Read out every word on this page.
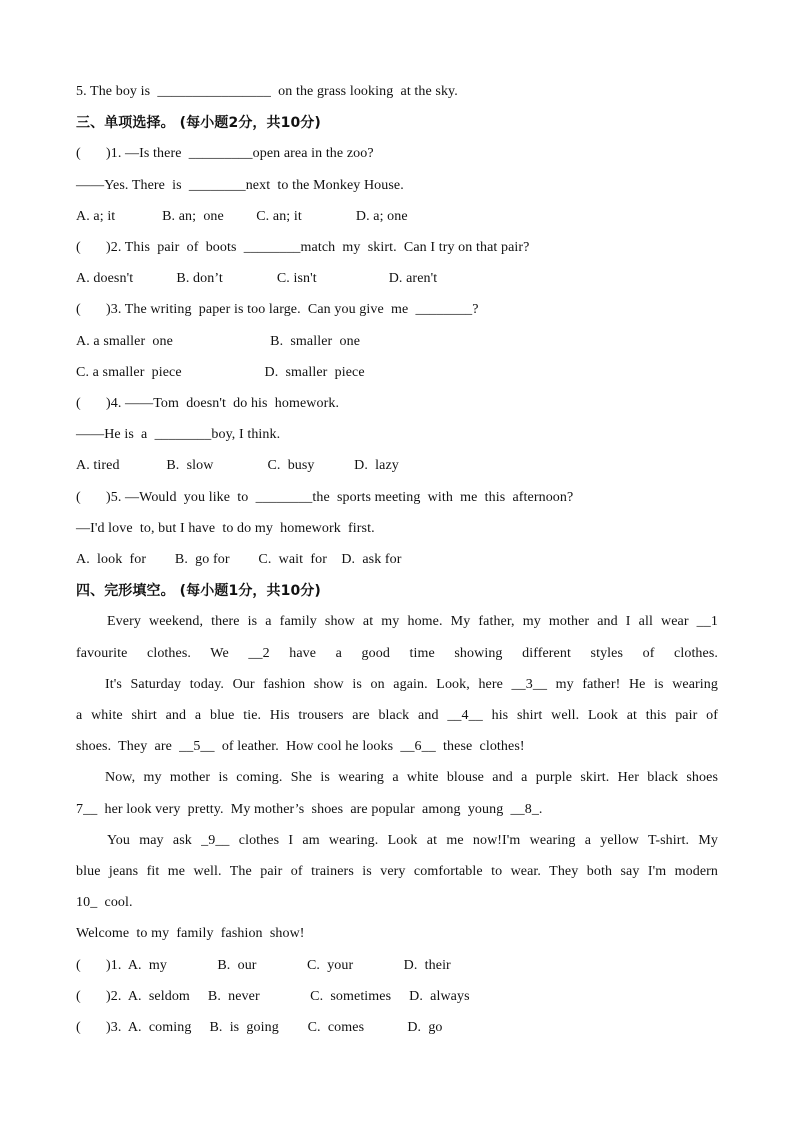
5. The boy is  ________________  on the grass looking  at the sky.
三、单项选择。 (每小题2分，共10分)
(       )1. —Is there  _________open area in the zoo?
——Yes. There  is  ________next  to the Monkey House.
A. a; it             B. an;  one         C. an; it               D. a; one
(       )2. This  pair  of  boots  ________match  my  skirt.  Can I try on that pair?
A. doesn't            B. don’t               C. isn't                    D. aren't
(       )3. The writing  paper is too large.  Can you give  me  ________?
A. a smaller  one                           B.  smaller  one
C. a smaller  piece                       D.  smaller  piece
(       )4. ——Tom  doesn't  do his  homework.
——He is  a  ________boy, I think.
A. tired             B.  slow               C.  busy           D.  lazy
(       )5. —Would  you like  to  ________the  sports meeting  with  me  this  afternoon?
—I'd love  to, but I have  to do my  homework  first.
A.  look  for        B.  go for        C.  wait  for    D.  ask for
四、完形填空。 (每小题1分，共10分)
Every weekend, there is a family show at my home. My father, my mother and I all wear __1
favourite clothes. We __2 have a good time showing different styles of clothes.
It's Saturday today. Our fashion show is on again. Look, here __3__ my father! He is wearing
a white shirt and a blue tie. His trousers are black and __4__ his shirt well. Look at this pair of
shoes.  They  are  __5__  of leather.  How cool he looks  __6__  these  clothes!
Now, my mother is coming. She is wearing a white blouse and a purple skirt. Her black shoes
7__  her look very  pretty.  My mother’s  shoes  are popular  among  young  __8_.
You may ask _9__ clothes I am wearing. Look at me now!I'm wearing a yellow T-shirt. My
blue jeans fit me well. The pair of trainers is very comfortable to wear. They both say I'm modern
10_  cool.
Welcome  to my  family  fashion  show!
(       )1.  A.  my              B.  our              C.  your              D.  their
(       )2.  A.  seldom     B.  never              C.  sometimes     D.  always
(       )3.  A.  coming     B.  is  going        C.  comes            D.  go
